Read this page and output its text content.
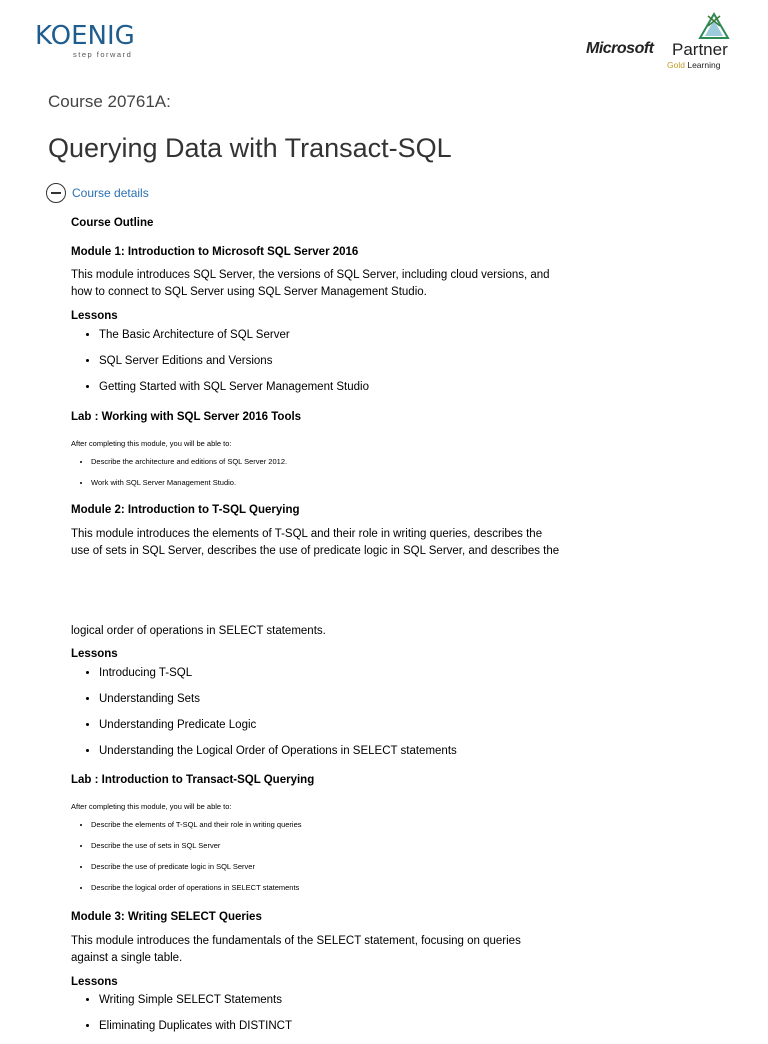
KOENIG
step forward	Microsoft Partner
Gold Learning
Course 20761A:
Querying Data with Transact-SQL
Course details
Course Outline
Module 1: Introduction to Microsoft SQL Server 2016
This module introduces SQL Server, the versions of SQL Server, including cloud versions, and how to connect to SQL Server using SQL Server Management Studio.
Lessons
• The Basic Architecture of SQL Server
• SQL Server Editions and Versions
• Getting Started with SQL Server Management Studio
Lab : Working with SQL Server 2016 Tools
After completing this module, you will be able to:
• Describe the architecture and editions of SQL Server 2012.
• Work with SQL Server Management Studio.
Module 2: Introduction to T-SQL Querying
This module introduces the elements of T-SQL and their role in writing queries, describes the use of sets in SQL Server, describes the use of predicate logic in SQL Server, and describes the
logical order of operations in SELECT statements.
Lessons
• Introducing T-SQL
• Understanding Sets
• Understanding Predicate Logic
• Understanding the Logical Order of Operations in SELECT statements
Lab : Introduction to Transact-SQL Querying
After completing this module, you will be able to:
• Describe the elements of T-SQL and their role in writing queries
• Describe the use of sets in SQL Server
• Describe the use of predicate logic in SQL Server
• Describe the logical order of operations in SELECT statements
Module 3: Writing SELECT Queries
This module introduces the fundamentals of the SELECT statement, focusing on queries against a single table.
Lessons
• Writing Simple SELECT Statements
• Eliminating Duplicates with DISTINCT
